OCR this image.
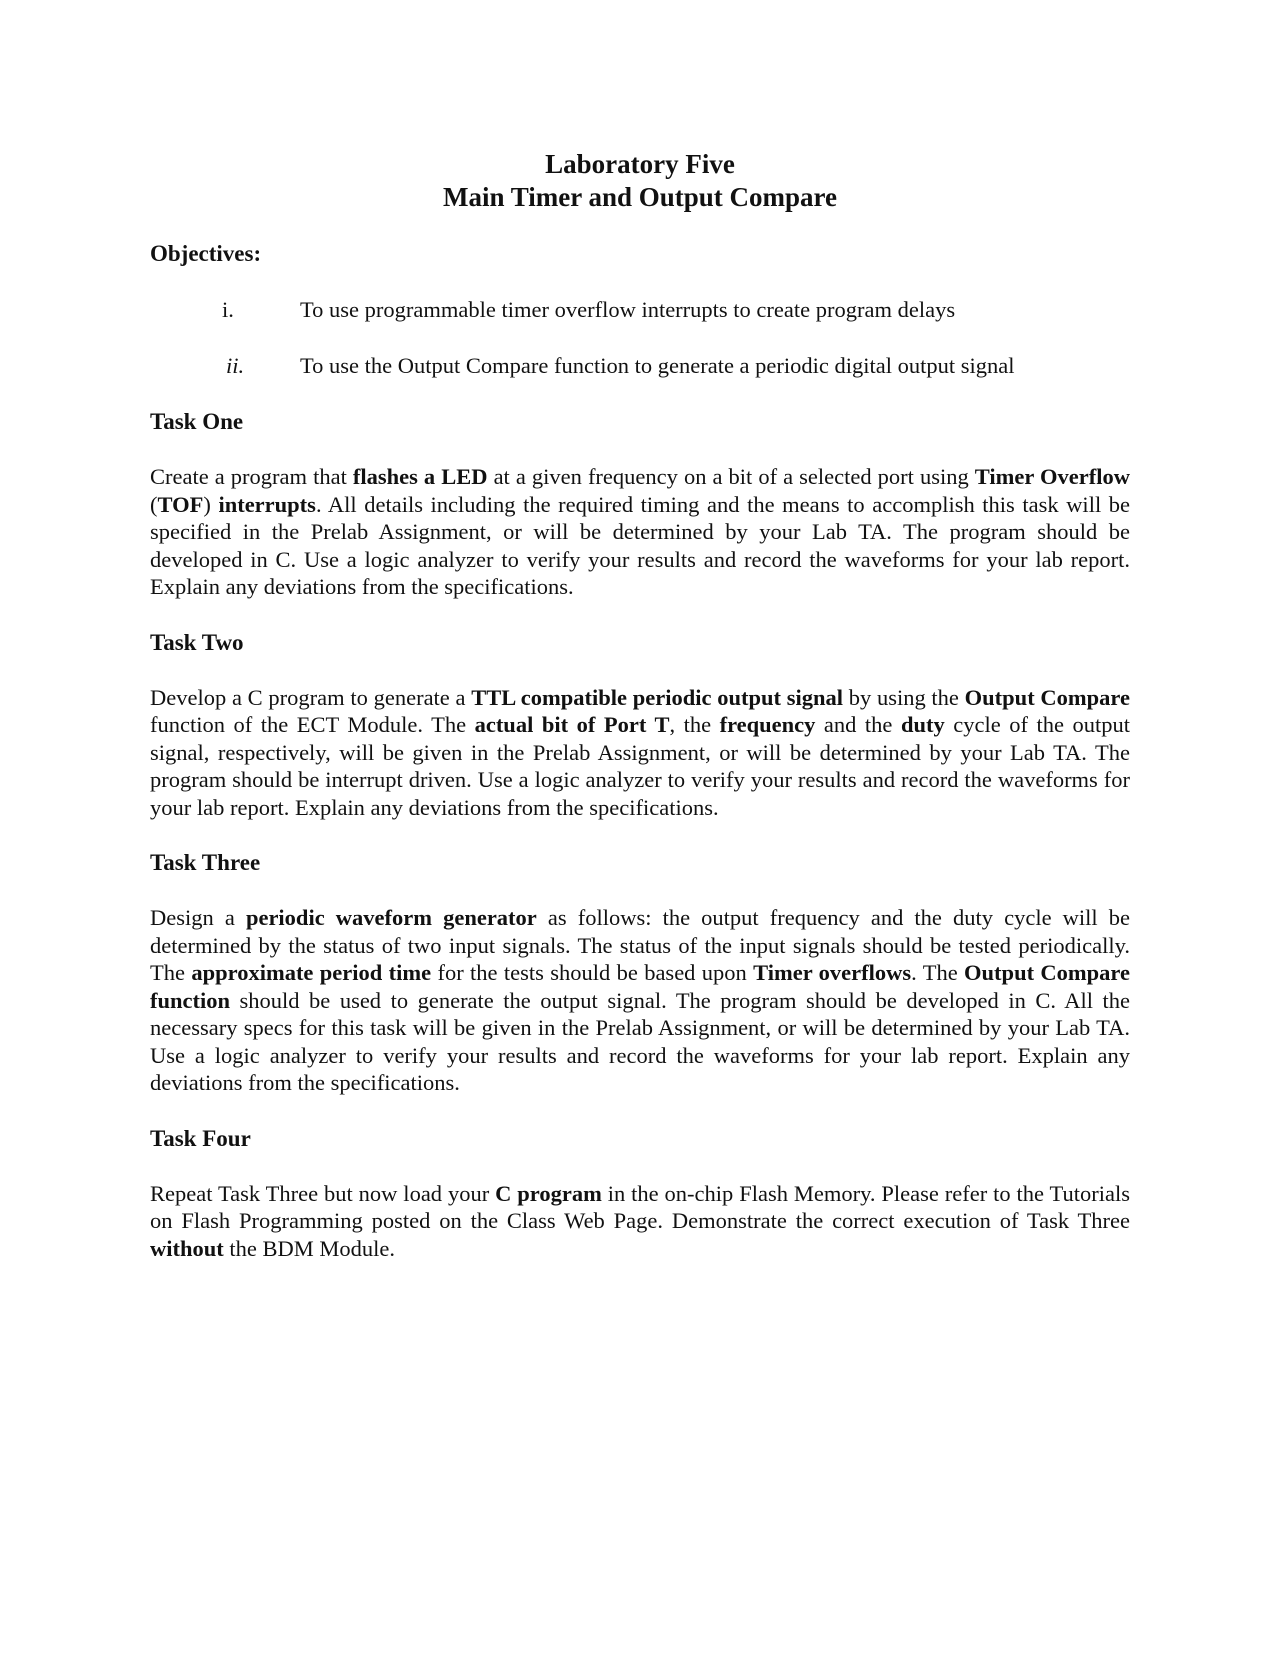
Laboratory Five
Main Timer and Output Compare
Objectives:
i.	To use programmable timer overflow interrupts to create program delays
ii.	To use the Output Compare function to generate a periodic digital output signal
Task One

Create a program that flashes a LED at a given frequency on a bit of a selected port using Timer Overflow (TOF) interrupts. All details including the required timing and the means to accomplish this task will be specified in the Prelab Assignment, or will be determined by your Lab TA. The program should be developed in C. Use a logic analyzer to verify your results and record the waveforms for your lab report. Explain any deviations from the specifications.

Task Two

Develop a C program to generate a TTL compatible periodic output signal by using the Output Compare function of the ECT Module. The actual bit of Port T, the frequency and the duty cycle of the output signal, respectively, will be given in the Prelab Assignment, or will be determined by your Lab TA. The program should be interrupt driven. Use a logic analyzer to verify your results and record the waveforms for your lab report. Explain any deviations from the specifications.

Task Three

Design a periodic waveform generator as follows: the output frequency and the duty cycle will be determined by the status of two input signals. The status of the input signals should be tested periodically. The approximate period time for the tests should be based upon Timer overflows. The Output Compare function should be used to generate the output signal. The program should be developed in C. All the necessary specs for this task will be given in the Prelab Assignment, or will be determined by your Lab TA. Use a logic analyzer to verify your results and record the waveforms for your lab report. Explain any deviations from the specifications.

Task Four

Repeat Task Three but now load your C program in the on-chip Flash Memory. Please refer to the Tutorials on Flash Programming posted on the Class Web Page. Demonstrate the correct execution of Task Three without the BDM Module.
